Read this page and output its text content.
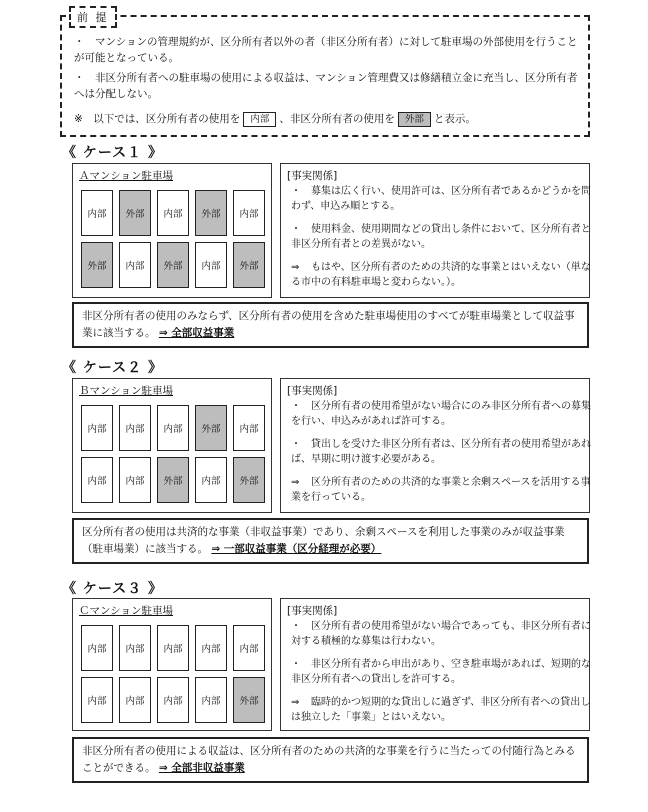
前 提
・　マンションの管理規約が、区分所有者以外の者（非区分所有者）に対して駐車場の外部使用を行うことが可能となっている。
・　非区分所有者への駐車場の使用による収益は、マンション管理費又は修繕積立金に充当し、区分所有者へは分配しない。
※　以下では、区分所有者の使用を 内部 、非区分所有者の使用を 外部 と表示。
《 ケース１ 》
Ａマンション駐車場
内部	外部	内部	外部	内部
外部	内部	外部	内部	外部
[事実関係]
・ 募集は広く行い、使用許可は、区分所有者であるかどうかを問わず、申込み順とする。
・ 使用料金、使用期間などの貸出し条件において、区分所有者と非区分所有者との差異がない。
⇒ もはや、区分所有者のための共済的な事業とはいえない（単なる市中の有料駐車場と変わらない。）。
非区分所有者の使用のみならず、区分所有者の使用を含めた駐車場使用のすべてが駐車場業として収益事業に該当する。 ⇒ 全部収益事業
《 ケース２ 》
Ｂマンション駐車場
内部	内部	内部	外部	内部
内部	内部	外部	内部	外部
[事実関係]
・ 区分所有者の使用希望がない場合にのみ非区分所有者への募集を行い、申込みがあれば許可する。
・ 貸出しを受けた非区分所有者は、区分所有者の使用希望があれば、早期に明け渡す必要がある。
⇒ 区分所有者のための共済的な事業と余剰スペースを活用する事業を行っている。
区分所有者の使用は共済的な事業（非収益事業）であり、余剰スペースを利用した事業のみが収益事業（駐車場業）に該当する。 ⇒ 一部収益事業（区分経理が必要）
《 ケース３ 》
Ｃマンション駐車場
内部	内部	内部	内部	内部
内部	内部	内部	内部	外部
[事実関係]
・ 区分所有者の使用希望がない場合であっても、非区分所有者に対する積極的な募集は行わない。
・ 非区分所有者から申出があり、空き駐車場があれば、短期的な非区分所有者への貸出しを許可する。
⇒ 臨時的かつ短期的な貸出しに過ぎず、非区分所有者への貸出しは独立した「事業」とはいえない。
非区分所有者の使用による収益は、区分所有者のための共済的な事業を行うに当たっての付随行為とみることができる。 ⇒ 全部非収益事業
